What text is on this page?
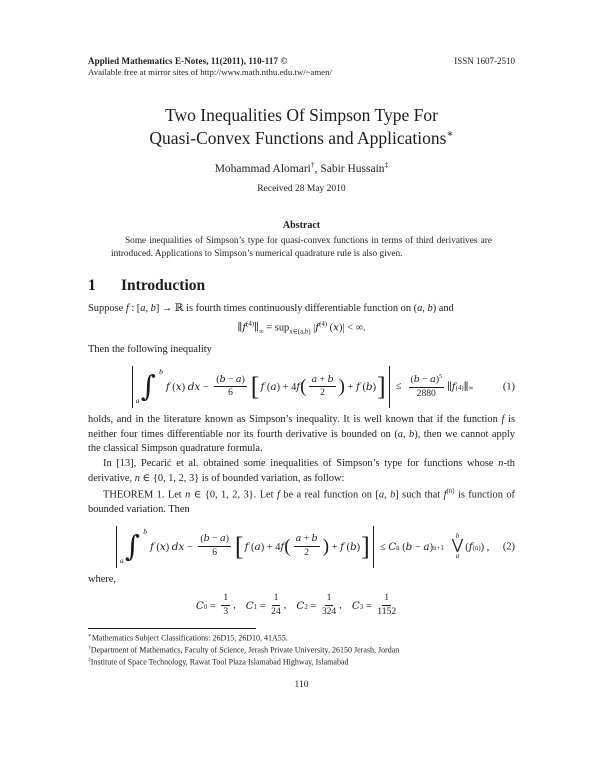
Applied Mathematics E-Notes, 11(2011), 110-117 ©
Available free at mirror sites of http://www.math.nthu.edu.tw/~amen/
ISSN 1607-2510
Two Inequalities Of Simpson Type For
Quasi-Convex Functions and Applications∗
Mohammad Alomari†, Sabir Hussain‡
Received 28 May 2010
Abstract

Some inequalities of Simpson’s type for quasi-convex functions in terms of third derivatives are introduced. Applications to Simpson’s numerical quadrature rule is also given.

1 Introduction

Suppose f : [a, b] → ℝ is fourth times continuously differentiable function on (a, b) and

$\parallel f^{(4)}\parallel_\infty = sup_{x\in(a,b)}$ $|f^{(4)}$ (x)| < ∞.

Then the following inequality

∫ b
a
f ( x ) dx − $\frac{(b - a)}{6}$ [ f ( a ) + 4 f ( $\frac{a + b}{2}$ ) + f ( b ) ] ≤ $\frac{(b - a)^5}{2880}$ ∥ f (4) ∥ ∞	(1)

holds, and in the literature known as Simpson’s inequality. It is well known that if the function f is neither four times differentiable nor its fourth derivative is bounded on (a, b), then we cannot apply the classical Simpson quadrature formula.

In [13], Pecarić et al. obtained some inequalities of Simpson’s type for functions whose n-th derivative, n ∈ {0, 1, 2, 3} is of bounded variation, as follow:

THEOREM 1. Let n ∈ {0, 1, 2, 3}. Let f be a real function on [a, b] such that $f^{(n)}$ is function of bounded variation. Then

∫ b
a
f ( x ) dx − $\frac{(b - a)}{6}$ [ f ( a ) + 4 f ( $\frac{a + b}{2}$ ) + f ( b ) ] ≤ C n ( b − a ) n+1
b
⋁
a
( f (n) ) , (2)

where,

C $0 = \frac{1}{3}$ , C $1 = \frac{1}{24}$ , C $2 = \frac{1}{324}$ , C $3 = \frac{1}{1152}$
∗Mathematics Subject Classifications: 26D15, 26D10, 41A55.
†Department of Mathematics, Faculty of Science, Jerash Private University, 26150 Jerash, Jordan
‡Institute of Space Technology, Rawat Tool Plaza Islamabad Highway, Islamabad
110
